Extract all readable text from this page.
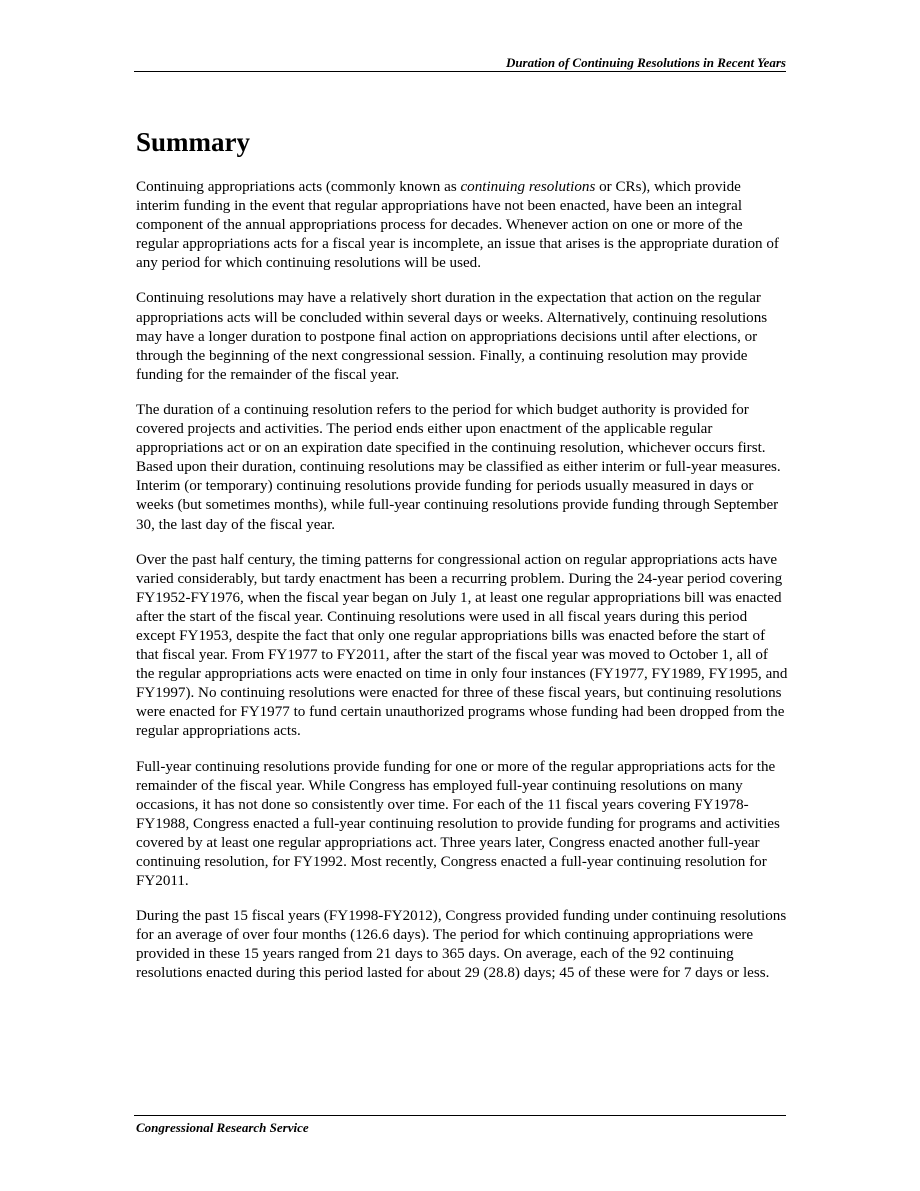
Duration of Continuing Resolutions in Recent Years
Summary

Continuing appropriations acts (commonly known as continuing resolutions or CRs), which provide interim funding in the event that regular appropriations have not been enacted, have been an integral component of the annual appropriations process for decades. Whenever action on one or more of the regular appropriations acts for a fiscal year is incomplete, an issue that arises is the appropriate duration of any period for which continuing resolutions will be used.

Continuing resolutions may have a relatively short duration in the expectation that action on the regular appropriations acts will be concluded within several days or weeks. Alternatively, continuing resolutions may have a longer duration to postpone final action on appropriations decisions until after elections, or through the beginning of the next congressional session. Finally, a continuing resolution may provide funding for the remainder of the fiscal year.

The duration of a continuing resolution refers to the period for which budget authority is provided for covered projects and activities. The period ends either upon enactment of the applicable regular appropriations act or on an expiration date specified in the continuing resolution, whichever occurs first. Based upon their duration, continuing resolutions may be classified as either interim or full-year measures. Interim (or temporary) continuing resolutions provide funding for periods usually measured in days or weeks (but sometimes months), while full-year continuing resolutions provide funding through September 30, the last day of the fiscal year.

Over the past half century, the timing patterns for congressional action on regular appropriations acts have varied considerably, but tardy enactment has been a recurring problem. During the 24-year period covering FY1952-FY1976, when the fiscal year began on July 1, at least one regular appropriations bill was enacted after the start of the fiscal year. Continuing resolutions were used in all fiscal years during this period except FY1953, despite the fact that only one regular appropriations bills was enacted before the start of that fiscal year. From FY1977 to FY2011, after the start of the fiscal year was moved to October 1, all of the regular appropriations acts were enacted on time in only four instances (FY1977, FY1989, FY1995, and FY1997). No continuing resolutions were enacted for three of these fiscal years, but continuing resolutions were enacted for FY1977 to fund certain unauthorized programs whose funding had been dropped from the regular appropriations acts.

Full-year continuing resolutions provide funding for one or more of the regular appropriations acts for the remainder of the fiscal year. While Congress has employed full-year continuing resolutions on many occasions, it has not done so consistently over time. For each of the 11 fiscal years covering FY1978-FY1988, Congress enacted a full-year continuing resolution to provide funding for programs and activities covered by at least one regular appropriations act. Three years later, Congress enacted another full-year continuing resolution, for FY1992. Most recently, Congress enacted a full-year continuing resolution for FY2011.

During the past 15 fiscal years (FY1998-FY2012), Congress provided funding under continuing resolutions for an average of over four months (126.6 days). The period for which continuing appropriations were provided in these 15 years ranged from 21 days to 365 days. On average, each of the 92 continuing resolutions enacted during this period lasted for about 29 (28.8) days; 45 of these were for 7 days or less.

Congressional Research Service
